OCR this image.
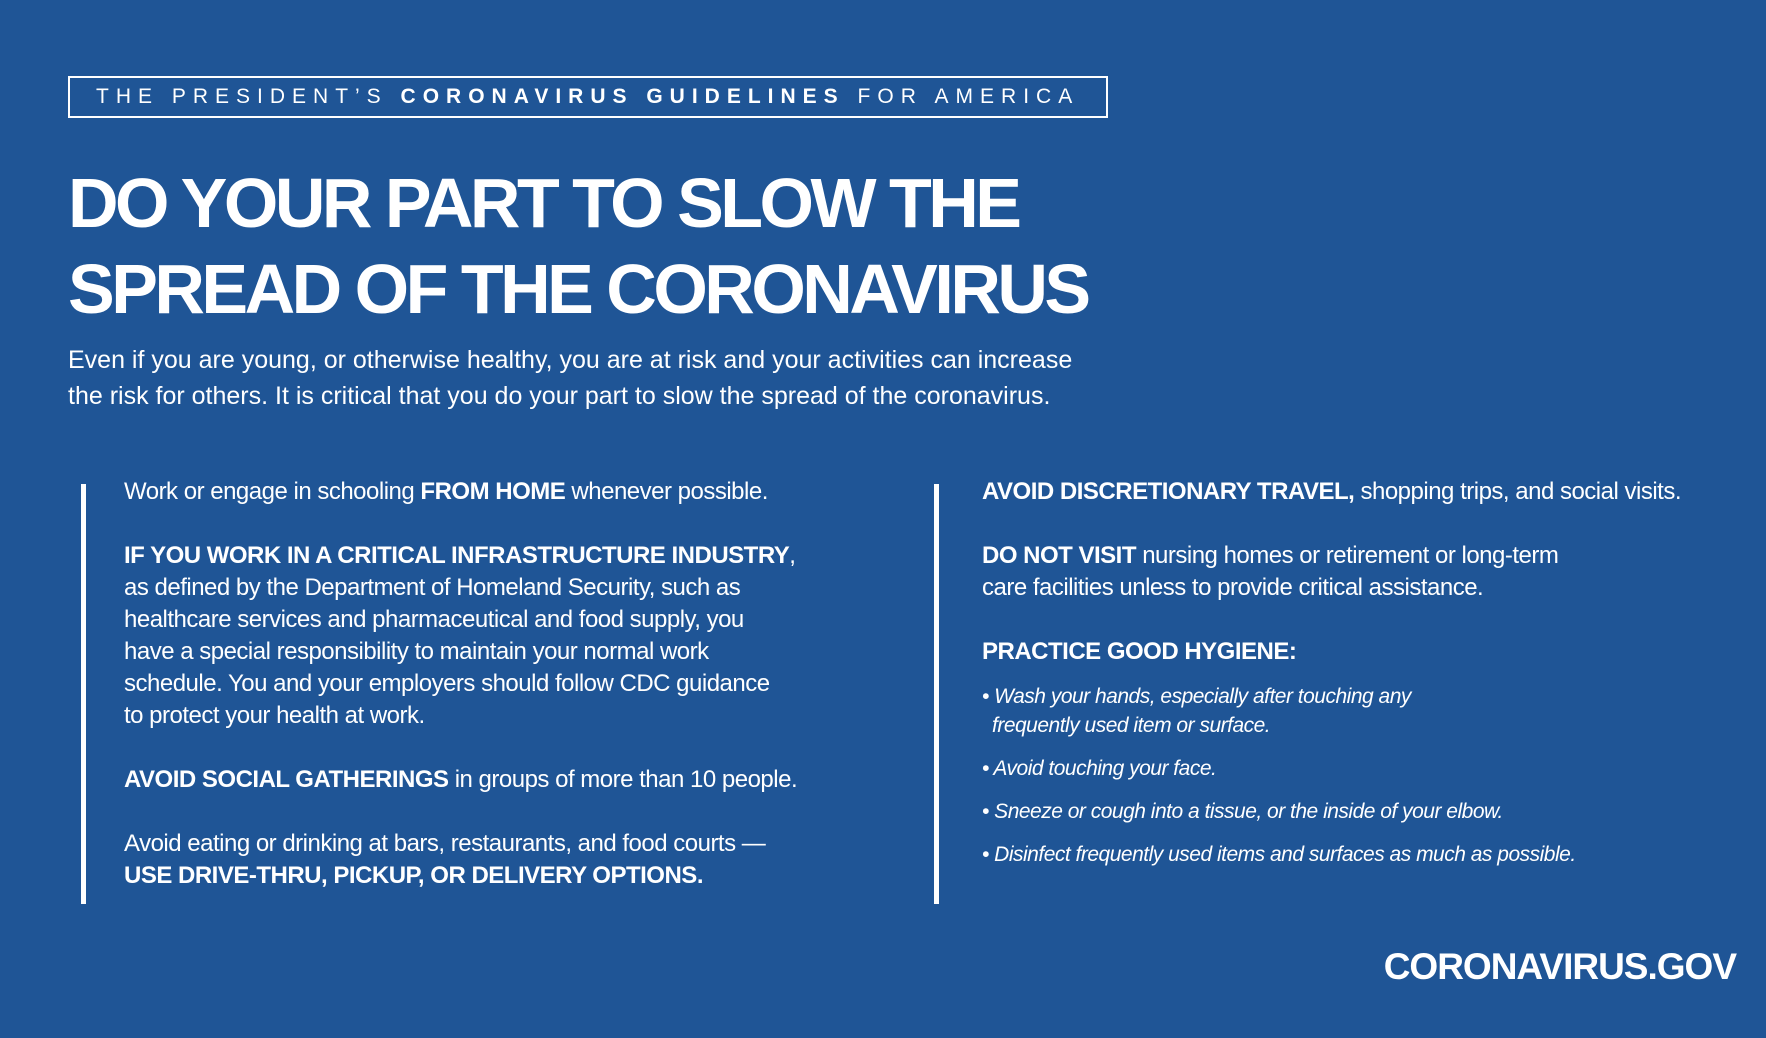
THE PRESIDENT’S
CORONAVIRUS GUIDELINES
FOR AMERICA
DO YOUR PART TO SLOW THE
SPREAD OF THE CORONAVIRUS
Even if you are young, or otherwise healthy, you are at risk and your activities can increase
the risk for others. It is critical that you do your part to slow the spread of the coronavirus.

Work or engage in schooling FROM HOME whenever possible.

IF YOU WORK IN A CRITICAL INFRASTRUCTURE INDUSTRY,
as defined by the Department of Homeland Security, such as
healthcare services and pharmaceutical and food supply, you
have a special responsibility to maintain your normal work
schedule. You and your employers should follow CDC guidance
to protect your health at work.

AVOID SOCIAL GATHERINGS in groups of more than 10 people.

Avoid eating or drinking at bars, restaurants, and food courts —
USE DRIVE-THRU, PICKUP, OR DELIVERY OPTIONS.

AVOID DISCRETIONARY TRAVEL, shopping trips, and social visits.

DO NOT VISIT nursing homes or retirement or long-term
care facilities unless to provide critical assistance.

PRACTICE GOOD HYGIENE:

• Wash your hands, especially after touching any
frequently used item or surface.
• Avoid touching your face.
• Sneeze or cough into a tissue, or the inside of your elbow.
• Disinfect frequently used items and surfaces as much as possible.
CORONAVIRUS.GOV
